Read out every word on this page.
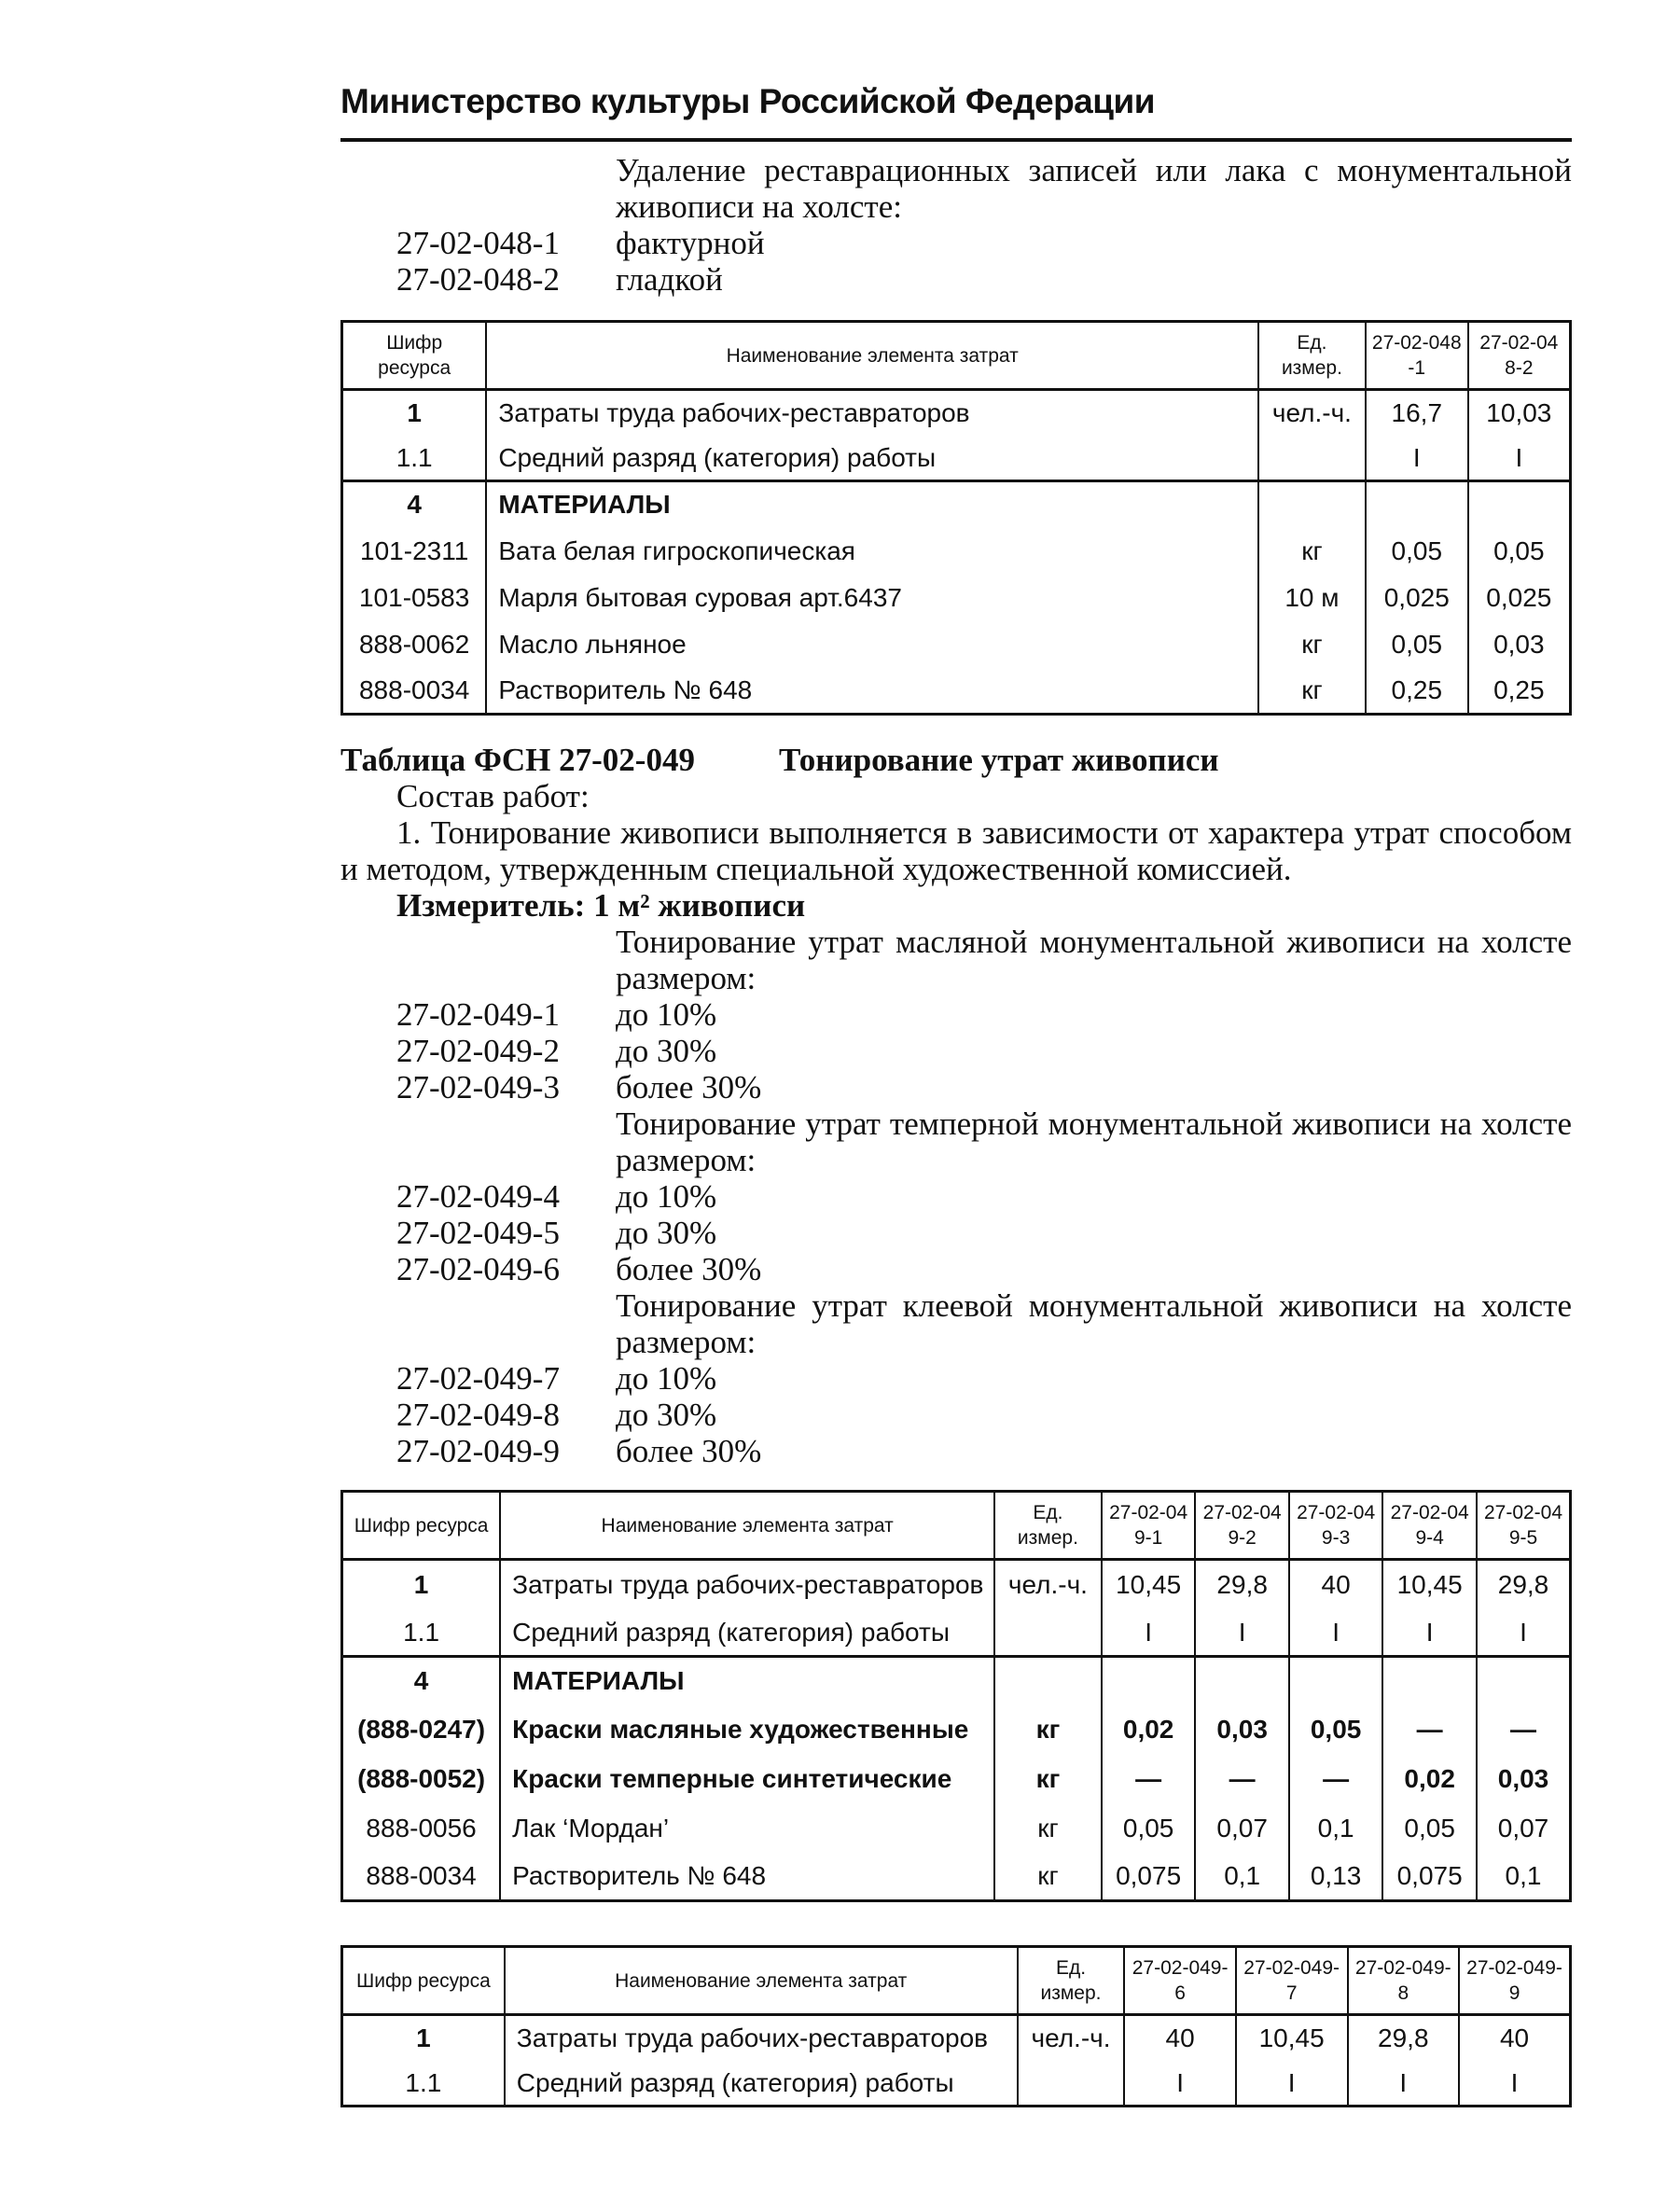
Министерство культуры Российской Федерации
Удаление реставрационных записей или лака с монументальной живописи на холсте:
27-02-048-1	фактурной
27-02-048-2	гладкой
Шифр ресурса	Наименование элемента затрат	Ед. измер.	27-02-048-1	27-02-048-2
1	Затраты труда рабочих-реставраторов	чел.-ч.	16,7	10,03
1.1	Средний разряд (категория) работы		I	I
4	МАТЕРИАЛЫ			
101-2311	Вата белая гигроскопическая	кг	0,05	0,05
101-0583	Марля бытовая суровая арт.6437	10 м	0,025	0,025
888-0062	Масло льняное	кг	0,05	0,03
888-0034	Растворитель № 648	кг	0,25	0,25
Таблица ФСН 27-02-049	Тонирование утрат живописи
Состав работ:
1. Тонирование живописи выполняется в зависимости от характера утрат способом и методом, утвержденным специальной художественной комиссией.
Измеритель: 1 м² живописи
Тонирование утрат масляной монументальной живописи на холсте размером:
27-02-049-1	до 10%
27-02-049-2	до 30%
27-02-049-3	более 30%
Тонирование утрат темперной монументальной живописи на холсте размером:
27-02-049-4	до 10%
27-02-049-5	до 30%
27-02-049-6	более 30%
Тонирование утрат клеевой монументальной живописи на холсте размером:
27-02-049-7	до 10%
27-02-049-8	до 30%
27-02-049-9	более 30%
Шифр ресурса	Наименование элемента затрат	Ед. измер.	27-02-049-1	27-02-049-2	27-02-049-3	27-02-049-4	27-02-049-5
1	Затраты труда рабочих-реставраторов	чел.-ч.	10,45	29,8	40	10,45	29,8
1.1	Средний разряд (категория) работы		I	I	I	I	I
4	МАТЕРИАЛЫ						
(888-0247)	Краски масляные художественные	кг	0,02	0,03	0,05	—	—
(888-0052)	Краски темперные синтетические	кг	—	—	—	0,02	0,03
888-0056	Лак ‘Мордан’	кг	0,05	0,07	0,1	0,05	0,07
888-0034	Растворитель № 648	кг	0,075	0,1	0,13	0,075	0,1
Шифр ресурса	Наименование элемента затрат	Ед. измер.	27-02-049-6	27-02-049-7	27-02-049-8	27-02-049-9
1	Затраты труда рабочих-реставраторов	чел.-ч.	40	10,45	29,8	40
1.1	Средний разряд (категория) работы		I	I	I	I
